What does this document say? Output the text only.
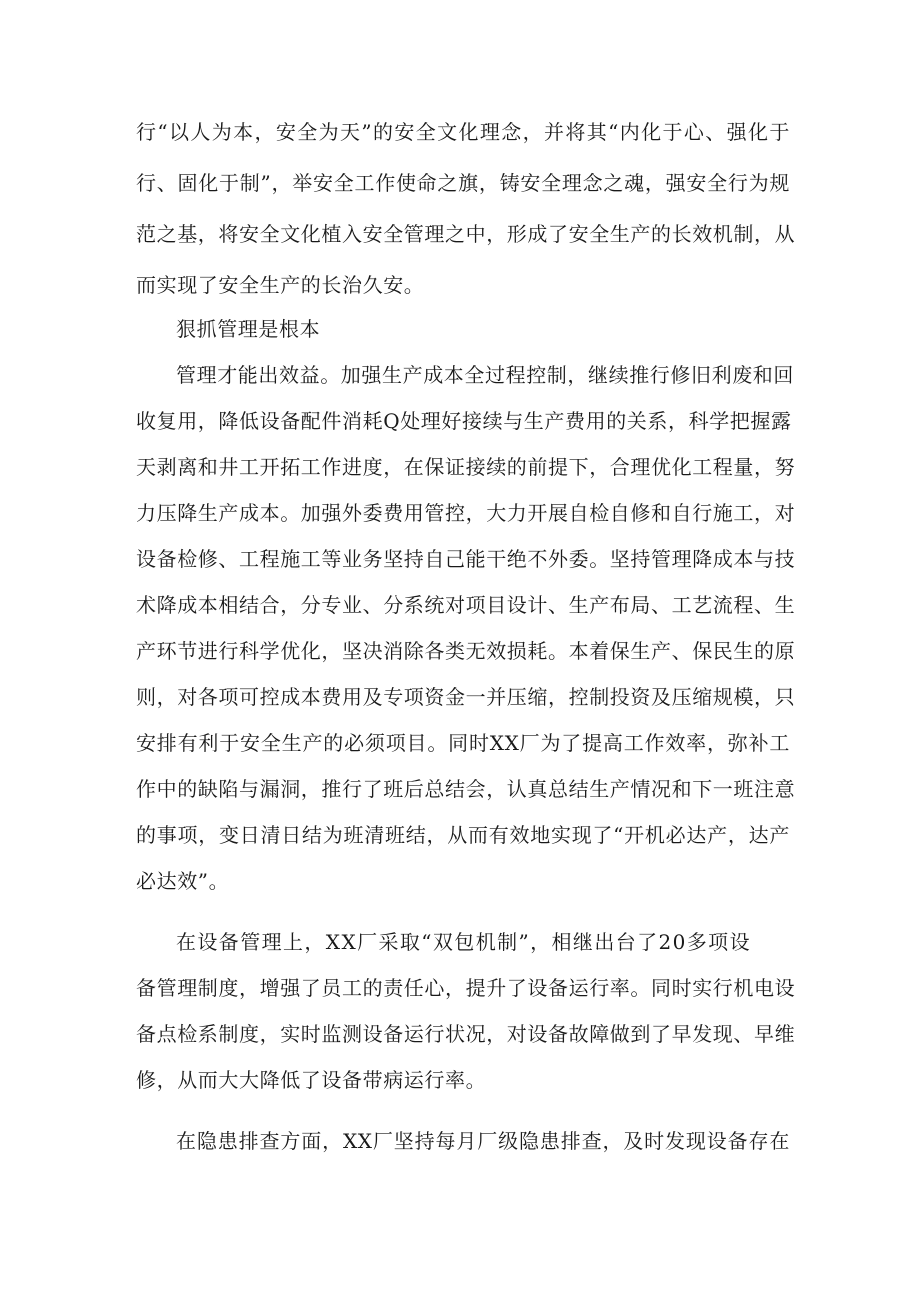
行“以人为本，安全为天”的安全文化理念，并将其“内化于心、强化于
行、固化于制”，举安全工作使命之旗，铸安全理念之魂，强安全行为规
范之基，将安全文化植入安全管理之中，形成了安全生产的长效机制，从
而实现了安全生产的长治久安。
狠抓管理是根本
管理才能出效益。加强生产成本全过程控制，继续推行修旧利废和回
收复用，降低设备配件消耗Q处理好接续与生产费用的关系，科学把握露
天剥离和井工开拓工作进度，在保证接续的前提下，合理优化工程量，努
力压降生产成本。加强外委费用管控，大力开展自检自修和自行施工，对
设备检修、工程施工等业务坚持自己能干绝不外委。坚持管理降成本与技
术降成本相结合，分专业、分系统对项目设计、生产布局、工艺流程、生
产环节进行科学优化，坚决消除各类无效损耗。本着保生产、保民生的原
则，对各项可控成本费用及专项资金一并压缩，控制投资及压缩规模，只
安排有利于安全生产的必须项目。同时XX厂为了提高工作效率，弥补工
作中的缺陷与漏洞，推行了班后总结会，认真总结生产情况和下一班注意
的事项，变日清日结为班清班结，从而有效地实现了“开机必达产，达产
必达效”。
在设备管理上，XX厂采取“双包机制”，相继出台了20多项设
备管理制度，增强了员工的责任心，提升了设备运行率。同时实行机电设
备点检系制度，实时监测设备运行状况，对设备故障做到了早发现、早维
修，从而大大降低了设备带病运行率。
在隐患排查方面，XX厂坚持每月厂级隐患排查，及时发现设备存在
